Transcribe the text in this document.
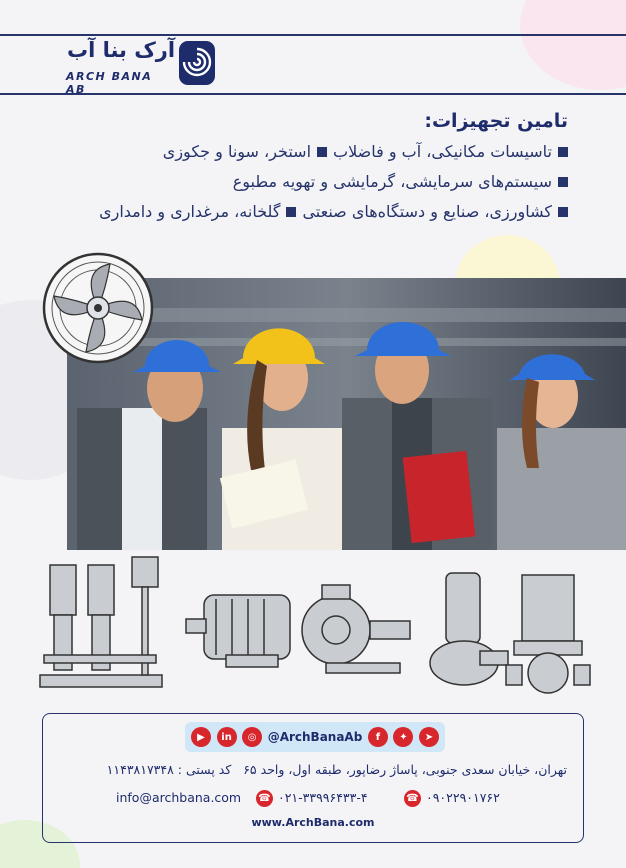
آرک بنا آب
ARCH BANA AB
تامین تجهیزات:
تاسیسات مکانیکی، آب و فاضلاب
استخر، سونا و جکوزی
سیستم‌های سرمایشی، گرمایشی و تهویه مطبوع
کشاورزی، صنایع و دستگاه‌های صنعتی
گلخانه، مرغداری و دامداری
▶	in	◎ @ArchBanaAb	f	✦	➤
تهران، خیابان سعدی جنوبی، پاساژ رضاپور، طبقه اول، واحد ۶۵   کد پستی : ۱۱۴۳۸۱۷۳۴۸
info@archbana.com ☎ ۰۲۱-۳۳۹۹۶۴۳۳-۴	☎ ۰۹۰۲۲۹۰۱۷۶۲
www.ArchBana.com
